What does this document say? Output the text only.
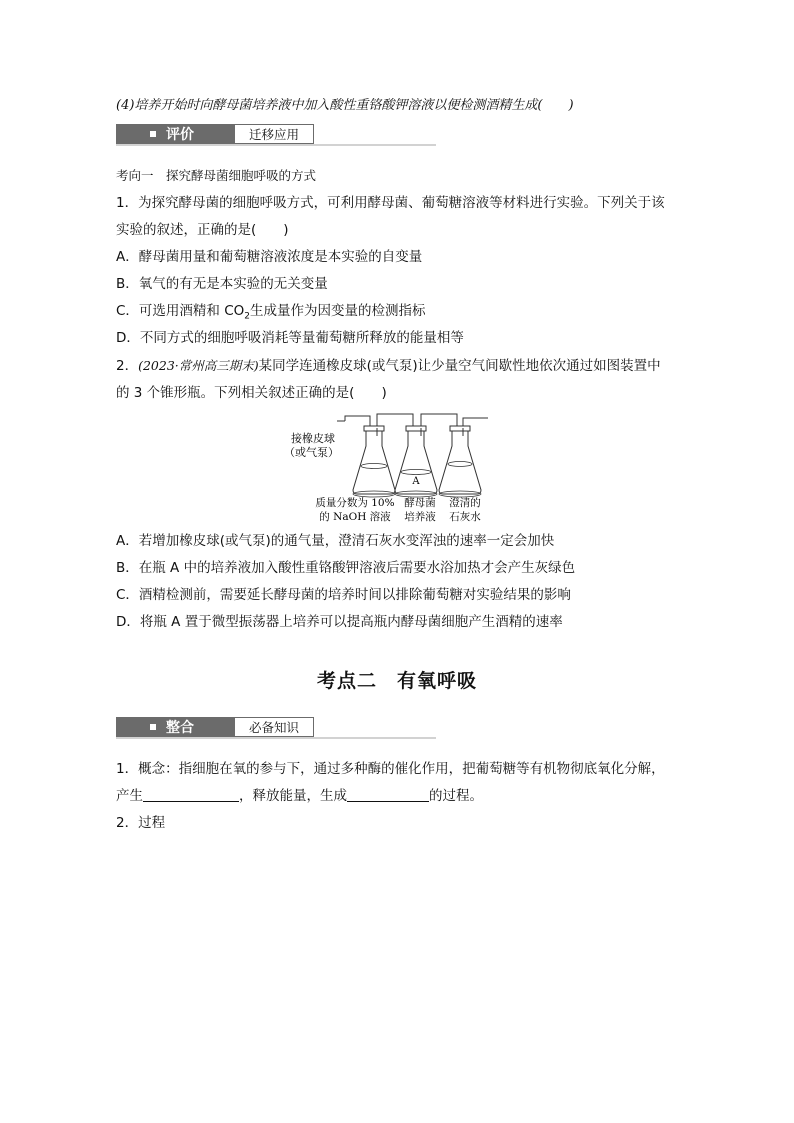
(4)培养开始时向酵母菌培养液中加入酸性重铬酸钾溶液以便检测酒精生成(　　)
评价	迁移应用
考向一　探究酵母菌细胞呼吸的方式
1．为探究酵母菌的细胞呼吸方式，可利用酵母菌、葡萄糖溶液等材料进行实验。下列关于该
实验的叙述，正确的是(　　)
A．酵母菌用量和葡萄糖溶液浓度是本实验的自变量
B．氧气的有无是本实验的无关变量
C．可选用酒精和 $CO_2$生成量作为因变量的检测指标
D．不同方式的细胞呼吸消耗等量葡萄糖所释放的能量相等
2．(2023·常州高三期末)某同学连通橡皮球(或气泵)让少量空气间歇性地依次通过如图装置中
的 3 个锥形瓶。下列相关叙述正确的是(　　)
接橡皮球
（或气泵）
A
质量分数为 10%
的 NaOH 溶液
酵母菌
培养液
澄清的
石灰水
A．若增加橡皮球(或气泵)的通气量，澄清石灰水变浑浊的速率一定会加快
B．在瓶 A 中的培养液加入酸性重铬酸钾溶液后需要水浴加热才会产生灰绿色
C．酒精检测前，需要延长酵母菌的培养时间以排除葡萄糖对实验结果的影响
D．将瓶 A 置于微型振荡器上培养可以提高瓶内酵母菌细胞产生酒精的速率
考点二 有氧呼吸
整合	必备知识
1．概念：指细胞在氧的参与下，通过多种酶的催化作用，把葡萄糖等有机物彻底氧化分解，
产生	，释放能量，生成	的过程。
2．过程
